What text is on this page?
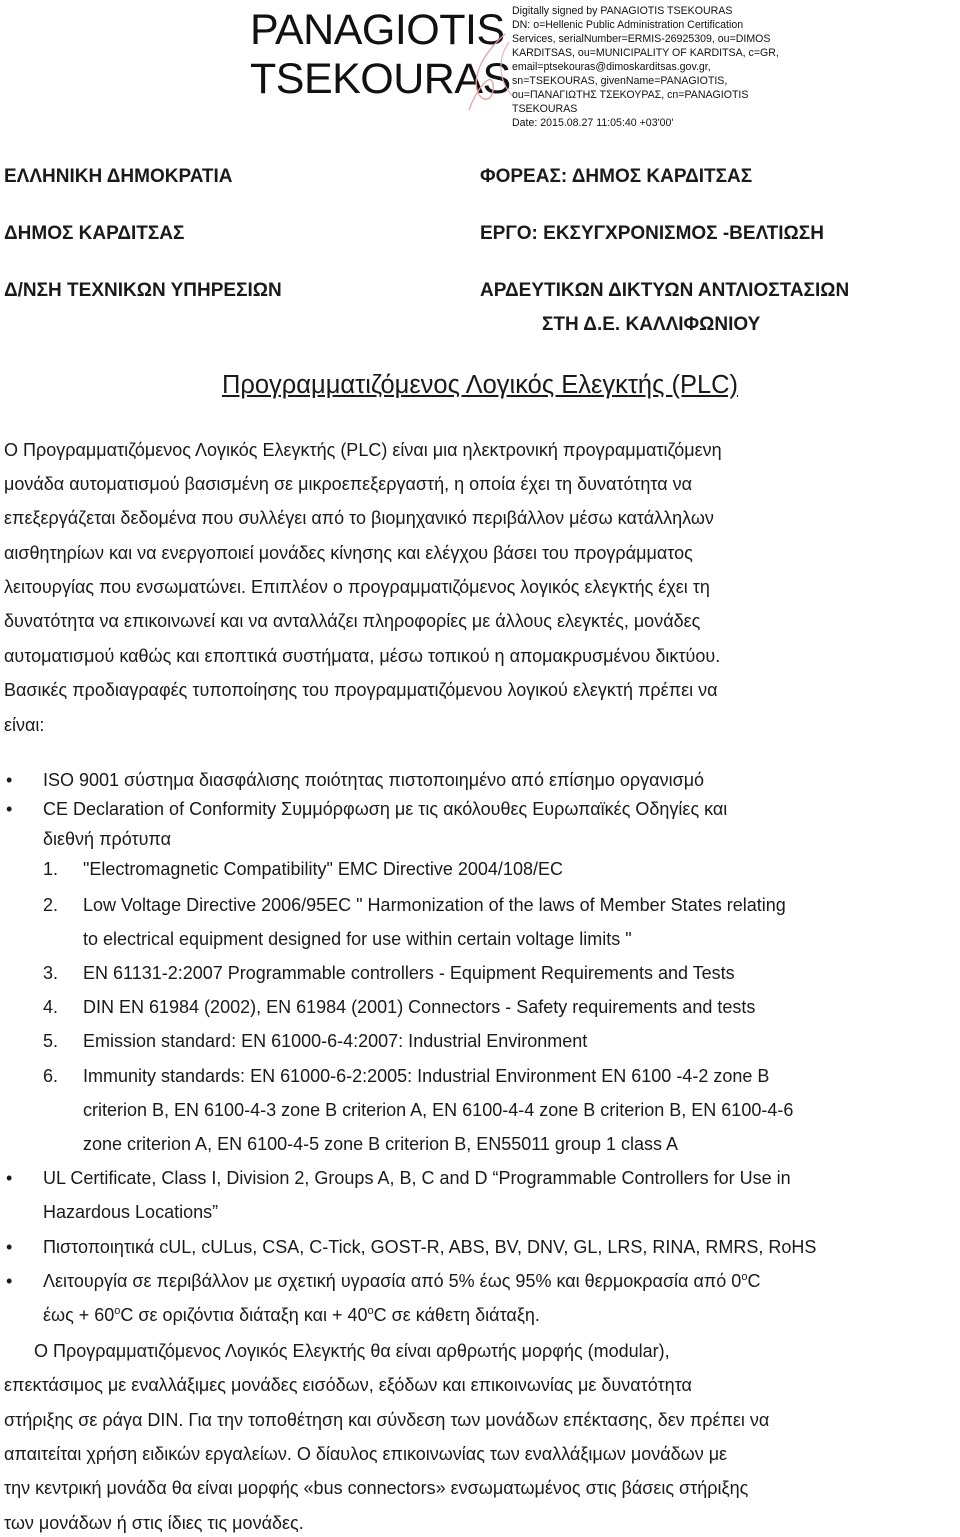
PANAGIOTIS
TSEKOURAS
Digitally signed by PANAGIOTIS TSEKOURAS
DN: o=Hellenic Public Administration Certification
Services, serialNumber=ERMIS-26925309, ou=DIMOS
KARDITSAS, ou=MUNICIPALITY OF KARDITSA, c=GR,
email=ptsekouras@dimoskarditsas.gov.gr,
sn=TSEKOURAS, givenName=PANAGIOTIS,
ou=ΠΑΝΑΓΙΩΤΗΣ ΤΣΕΚΟΥΡΑΣ, cn=PANAGIOTIS
TSEKOURAS
Date: 2015.08.27 11:05:40 +03'00'
ΕΛΛΗΝΙΚΗ ΔΗΜΟΚΡΑΤΙΑ
ΔΗΜΟΣ ΚΑΡΔΙΤΣΑΣ
Δ/ΝΣΗ ΤΕΧΝΙΚΩΝ ΥΠΗΡΕΣΙΩΝ
ΦΟΡΕΑΣ: ΔΗΜΟΣ ΚΑΡΔΙΤΣΑΣ
ΕΡΓΟ: ΕΚΣΥΓΧΡΟΝΙΣΜΟΣ -ΒΕΛΤΙΩΣΗ
ΑΡΔΕΥΤΙΚΩΝ ΔΙΚΤΥΩΝ ΑΝΤΛΙΟΣΤΑΣΙΩΝ
ΣΤΗ Δ.Ε. ΚΑΛΛΙΦΩΝΙΟΥ
Προγραμματιζόμενος Λογικός Ελεγκτής (PLC)
Ο Προγραμματιζόμενος Λογικός Ελεγκτής (PLC) είναι μια ηλεκτρονική προγραμματιζόμενη
μονάδα αυτοματισμού βασισμένη σε μικροεπεξεργαστή, η οποία έχει τη δυνατότητα να
επεξεργάζεται δεδομένα που συλλέγει από το βιομηχανικό περιβάλλον μέσω κατάλληλων
αισθητηρίων και να ενεργοποιεί μονάδες κίνησης και ελέγχου βάσει του προγράμματος
λειτουργίας που ενσωματώνει. Επιπλέον ο προγραμματιζόμενος λογικός ελεγκτής έχει τη
δυνατότητα να επικοινωνεί και να ανταλλάζει πληροφορίες με άλλους ελεγκτές, μονάδες
αυτοματισμού καθώς και εποπτικά συστήματα, μέσω τοπικού η απομακρυσμένου δικτύου.
Βασικές προδιαγραφές τυποποίησης του προγραμματιζόμενου λογικού ελεγκτή πρέπει να
είναι:
• ISO 9001 σύστημα διασφάλισης ποιότητας πιστοποιημένο από επίσημο οργανισμό
• CE Declaration of Conformity Συμμόρφωση με τις ακόλουθες Ευρωπαϊκές Οδηγίες και
διεθνή πρότυπα
1. "Electromagnetic Compatibility" EMC Directive 2004/108/EC
2. Low Voltage Directive 2006/95EC " Harmonization of the laws of Member States relating
to electrical equipment designed for use within certain voltage limits "
3. EN 61131-2:2007 Programmable controllers - Equipment Requirements and Tests
4. DIN EN 61984 (2002), EN 61984 (2001) Connectors - Safety requirements and tests
5. Emission standard: EN 61000-6-4:2007: Industrial Environment
6. Immunity standards: EN 61000-6-2:2005: Industrial Environment EN 6100 -4-2 zone B
criterion B, EN 6100-4-3 zone B criterion A, EN 6100-4-4 zone B criterion B, EN 6100-4-6
zone criterion A, EN 6100-4-5 zone B criterion B, EN55011 group 1 class A
• UL Certificate, Class I, Division 2, Groups A, B, C and D “Programmable Controllers for Use in
Hazardous Locations”
• Πιστοποιητικά cUL, cULus, CSA, C-Tick, GOST-R, ABS, BV, DNV, GL, LRS, RINA, RMRS, RoHS
• Λειτουργία σε περιβάλλον με σχετική υγρασία από 5% έως 95% και θερμοκρασία από 0$^o$C
$έ\omega\varsigma + 60^oC$ σε οριζόντια διάταξη $\kappa\alpha\iota + 40^oC$ σε κάθετη διάταξη.
Ο Προγραμματιζόμενος Λογικός Ελεγκτής θα είναι αρθρωτής μορφής (modular),
επεκτάσιμος με εναλλάξιμες μονάδες εισόδων, εξόδων και επικοινωνίας με δυνατότητα
στήριξης σε ράγα DIN. Για την τοποθέτηση και σύνδεση των μονάδων επέκτασης, δεν πρέπει να
απαιτείται χρήση ειδικών εργαλείων. Ο δίαυλος επικοινωνίας των εναλλάξιμων μονάδων με
την κεντρική μονάδα θα είναι μορφής «bus connectors» ενσωματωμένος στις βάσεις στήριξης
των μονάδων ή στις ίδιες τις μονάδες.
